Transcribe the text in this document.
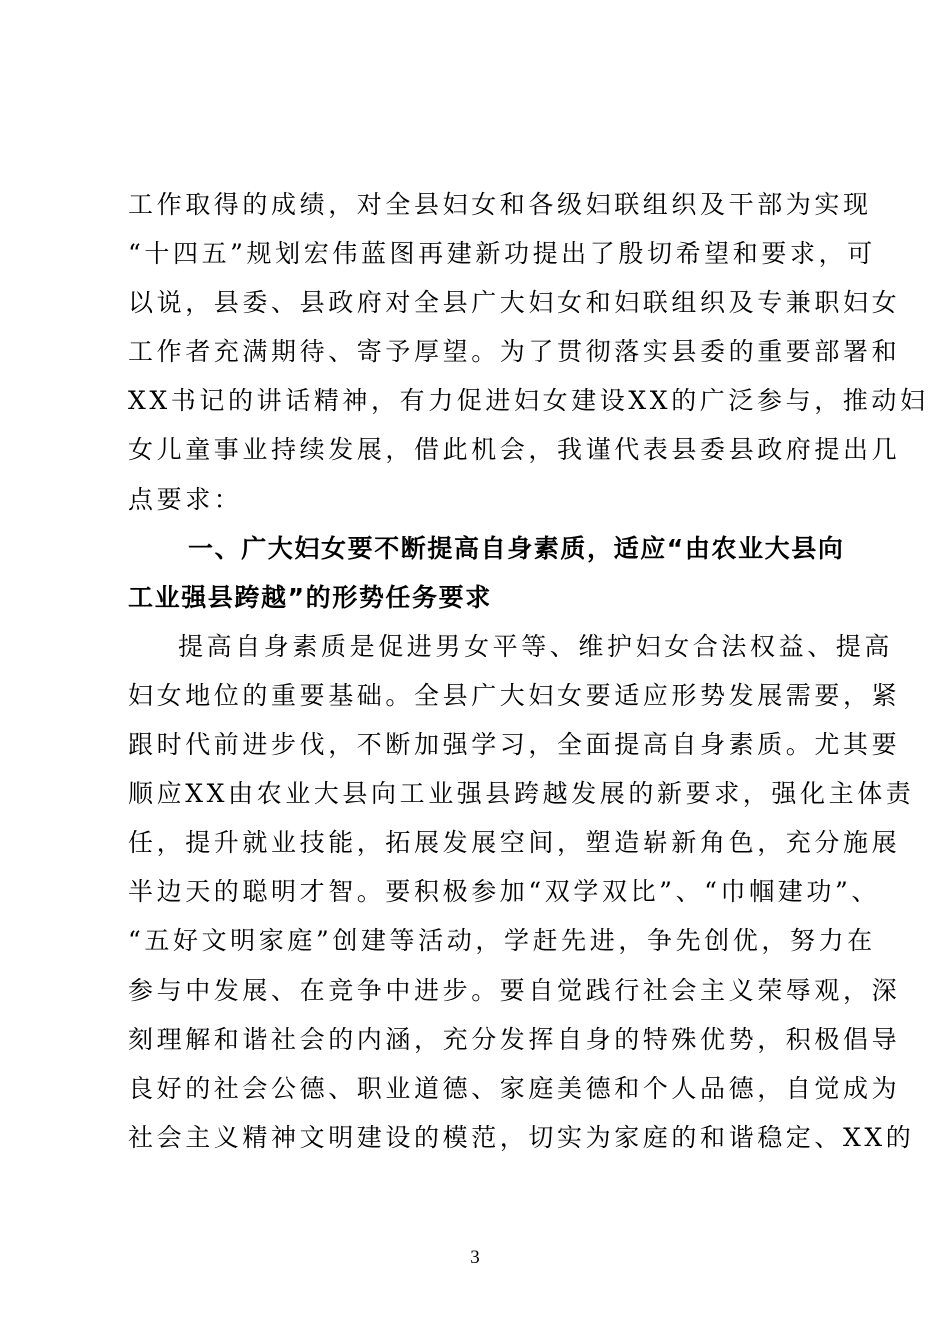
工作取得的成绩，对全县妇女和各级妇联组织及干部为实现
“十四五”规划宏伟蓝图再建新功提出了殷切希望和要求，可
以说，县委、县政府对全县广大妇女和妇联组织及专兼职妇女
工作者充满期待、寄予厚望。为了贯彻落实县委的重要部署和
XX书记的讲话精神，有力促进妇女建设XX的广泛参与，推动妇
女儿童事业持续发展，借此机会，我谨代表县委县政府提出几
点要求：
一、广大妇女要不断提高自身素质，适应“由农业大县向
工业强县跨越”的形势任务要求
提高自身素质是促进男女平等、维护妇女合法权益、提高
妇女地位的重要基础。全县广大妇女要适应形势发展需要，紧
跟时代前进步伐，不断加强学习，全面提高自身素质。尤其要
顺应XX由农业大县向工业强县跨越发展的新要求，强化主体责
任，提升就业技能，拓展发展空间，塑造崭新角色，充分施展
半边天的聪明才智。要积极参加“双学双比”、“巾帼建功”、
“五好文明家庭”创建等活动，学赶先进，争先创优，努力在
参与中发展、在竞争中进步。要自觉践行社会主义荣辱观，深
刻理解和谐社会的内涵，充分发挥自身的特殊优势，积极倡导
良好的社会公德、职业道德、家庭美德和个人品德，自觉成为
社会主义精神文明建设的模范，切实为家庭的和谐稳定、XX的
3
